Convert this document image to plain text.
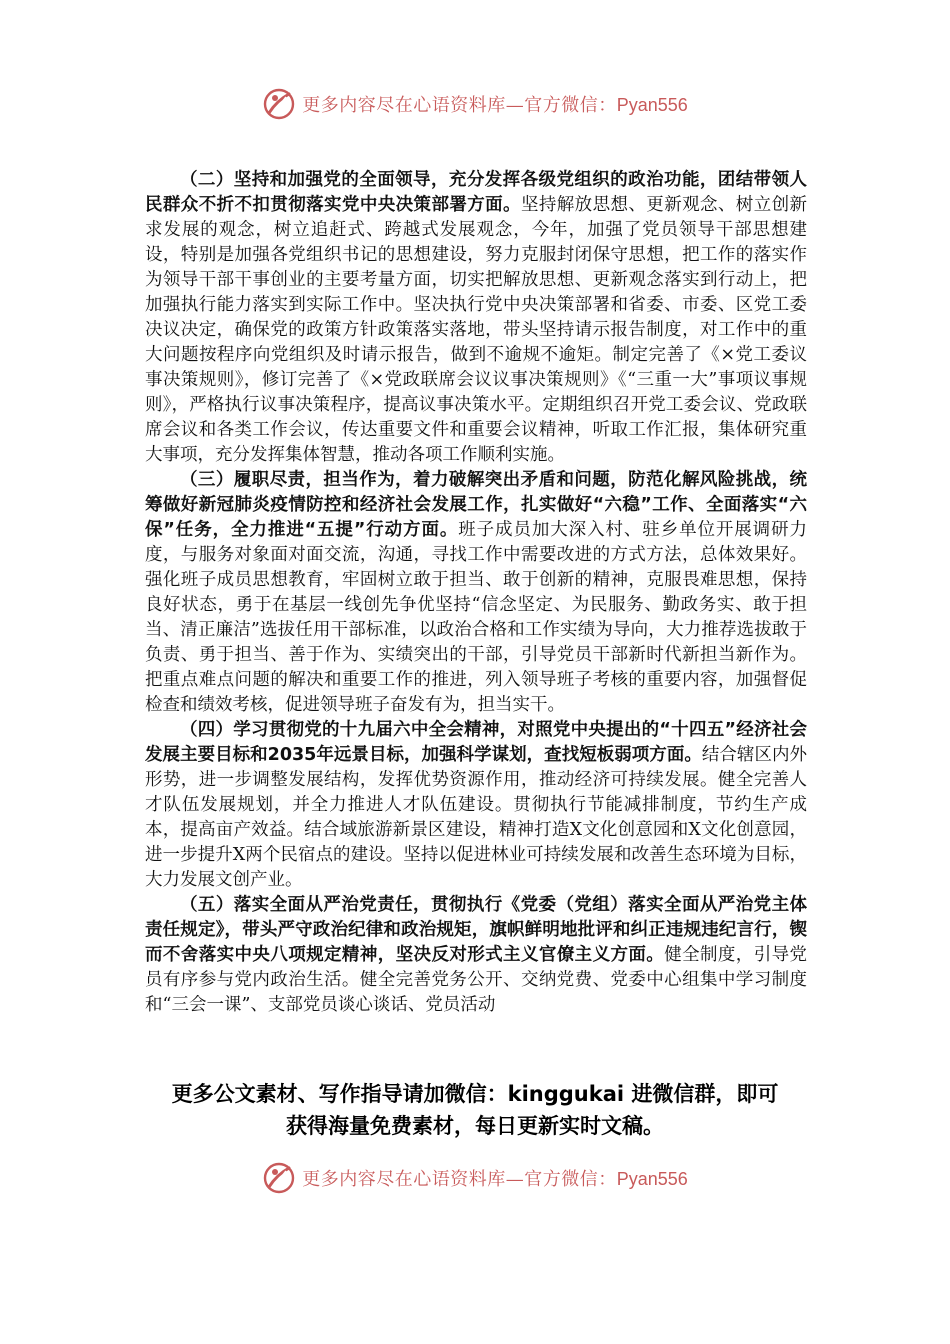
更多内容尽在心语资料库—官方微信：Pyan556

（二）坚持和加强党的全面领导，充分发挥各级党组织的政治功能，团结带领人民群众不折不扣贯彻落实党中央决策部署方面。坚持解放思想、更新观念、树立创新求发展的观念，树立追赶式、跨越式发展观念，今年，加强了党员领导干部思想建设，特别是加强各党组织书记的思想建设，努力克服封闭保守思想，把工作的落实作为领导干部干事创业的主要考量方面，切实把解放思想、更新观念落实到行动上，把加强执行能力落实到实际工作中。坚决执行党中央决策部署和省委、市委、区党工委决议决定，确保党的政策方针政策落实落地，带头坚持请示报告制度，对工作中的重大问题按程序向党组织及时请示报告，做到不逾规不逾矩。制定完善了《×党工委议事决策规则》，修订完善了《×党政联席会议议事决策规则》《“三重一大”事项议事规则》，严格执行议事决策程序，提高议事决策水平。定期组织召开党工委会议、党政联席会议和各类工作会议，传达重要文件和重要会议精神，听取工作汇报，集体研究重大事项，充分发挥集体智慧，推动各项工作顺利实施。

（三）履职尽责，担当作为，着力破解突出矛盾和问题，防范化解风险挑战，统筹做好新冠肺炎疫情防控和经济社会发展工作，扎实做好“六稳”工作、全面落实“六保”任务，全力推进“五提”行动方面。班子成员加大深入村、驻乡单位开展调研力度，与服务对象面对面交流，沟通，寻找工作中需要改进的方式方法，总体效果好。强化班子成员思想教育，牢固树立敢于担当、敢于创新的精神，克服畏难思想，保持良好状态，勇于在基层一线创先争优坚持“信念坚定、为民服务、勤政务实、敢于担当、清正廉洁”选拔任用干部标准，以政治合格和工作实绩为导向，大力推荐选拔敢于负责、勇于担当、善于作为、实绩突出的干部，引导党员干部新时代新担当新作为。把重点难点问题的解决和重要工作的推进，列入领导班子考核的重要内容，加强督促检查和绩效考核，促进领导班子奋发有为，担当实干。

（四）学习贯彻党的十九届六中全会精神，对照党中央提出的“十四五”经济社会发展主要目标和2035年远景目标，加强科学谋划，查找短板弱项方面。结合辖区内外形势，进一步调整发展结构，发挥优势资源作用，推动经济可持续发展。健全完善人才队伍发展规划，并全力推进人才队伍建设。贯彻执行节能减排制度，节约生产成本，提高亩产效益。结合域旅游新景区建设，精神打造X文化创意园和X文化创意园，进一步提升X两个民宿点的建设。坚持以促进林业可持续发展和改善生态环境为目标，大力发展文创产业。

（五）落实全面从严治党责任，贯彻执行《党委（党组）落实全面从严治党主体责任规定》，带头严守政治纪律和政治规矩，旗帜鲜明地批评和纠正违规违纪言行，锲而不舍落实中央八项规定精神，坚决反对形式主义官僚主义方面。健全制度，引导党员有序参与党内政治生活。健全完善党务公开、交纳党费、党委中心组集中学习制度和“三会一课”、支部党员谈心谈话、党员活动

更多公文素材、写作指导请加微信：kinggukai 进微信群，即可
获得海量免费素材，每日更新实时文稿。
更多内容尽在心语资料库—官方微信：Pyan556
